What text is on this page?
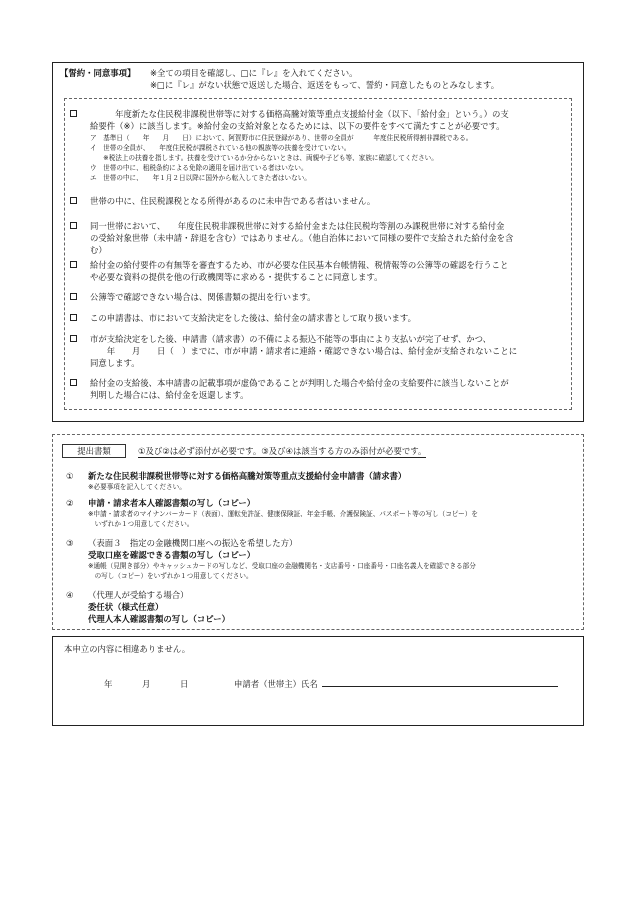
【誓約・同意事項】 ※全ての項目を確認し、□に『レ』を入れてください。
※□に『レ』がない状態で返送した場合、返送をもって、誓約・同意したものとみなします。
　　　年度新たな住民税非課税世帯等に対する価格高騰対策等重点支援給付金（以下、「給付金」という。）の支
給要件（※）に該当します。※給付金の支給対象となるためには、以下の要件をすべて満たすことが必要です。
ア　基準日（　　年　　月　　日）において、阿賀野市に住民登録があり、世帯の全員が　　　年度住民税所得割非課税である。
イ　世帯の全員が、　　年度住民税が課税されている他の親族等の扶養を受けていない。
　　※税法上の扶養を指します。扶養を受けているか分からないときは、両親や子ども等、家族に確認してください。
ウ　世帯の中に、租税条約による免除の適用を届け出ている者はいない。
エ　世帯の中に、　　年１月２日以降に国外から転入してきた者はいない。
世帯の中に、住民税課税となる所得があるのに未申告である者はいません。
同一世帯において、　　年度住民税非課税世帯に対する給付金または住民税均等割のみ課税世帯に対する給付金
の受給対象世帯（未申請・辞退を含む）ではありません。（他自治体において同様の要件で支給された給付金を含
む）
給付金の給付要件の有無等を審査するため、市が必要な住民基本台帳情報、税情報等の公簿等の確認を行うこと
や必要な資料の提供を他の行政機関等に求める・提供することに同意します。
公簿等で確認できない場合は、関係書類の提出を行います。
この申請書は、市において支給決定をした後は、給付金の請求書として取り扱います。
市が支給決定をした後、申請書（請求書）の不備による振込不能等の事由により支払いが完了せず、かつ、
　　年　　月　　日（　）までに、市が申請・請求者に連絡・確認できない場合は、給付金が支給されないことに
同意します。
給付金の支給後、本申請書の記載事項が虚偽であることが判明した場合や給付金の支給要件に該当しないことが
判明した場合には、給付金を返還します。
提出書類	①及び②は必ず添付が必要です。③及び④は該当する方のみ添付が必要です。
① 新たな住民税非課税世帯等に対する価格高騰対策等重点支援給付金申請書（請求書）
※必要事項を記入してください。
② 申請・請求者本人確認書類の写し（コピー）
※申請・請求者のマイナンバーカード（表面）、運転免許証、健康保険証、年金手帳、介護保険証、パスポート等の写し（コピー）を
　いずれか１つ用意してください。
③ （表面３　指定の金融機関口座への振込を希望した方）
受取口座を確認できる書類の写し（コピー）
※通帳（見開き部分）やキャッシュカードの写しなど、受取口座の金融機関名・支店番号・口座番号・口座名義人を確認できる部分
　の写し（コピー）をいずれか１つ用意してください。
④ （代理人が受給する場合）
委任状（様式任意）
代理人本人確認書類の写し（コピー）
本申立の内容に相違ありません。
年	月	日	申請者（世帯主）氏名
